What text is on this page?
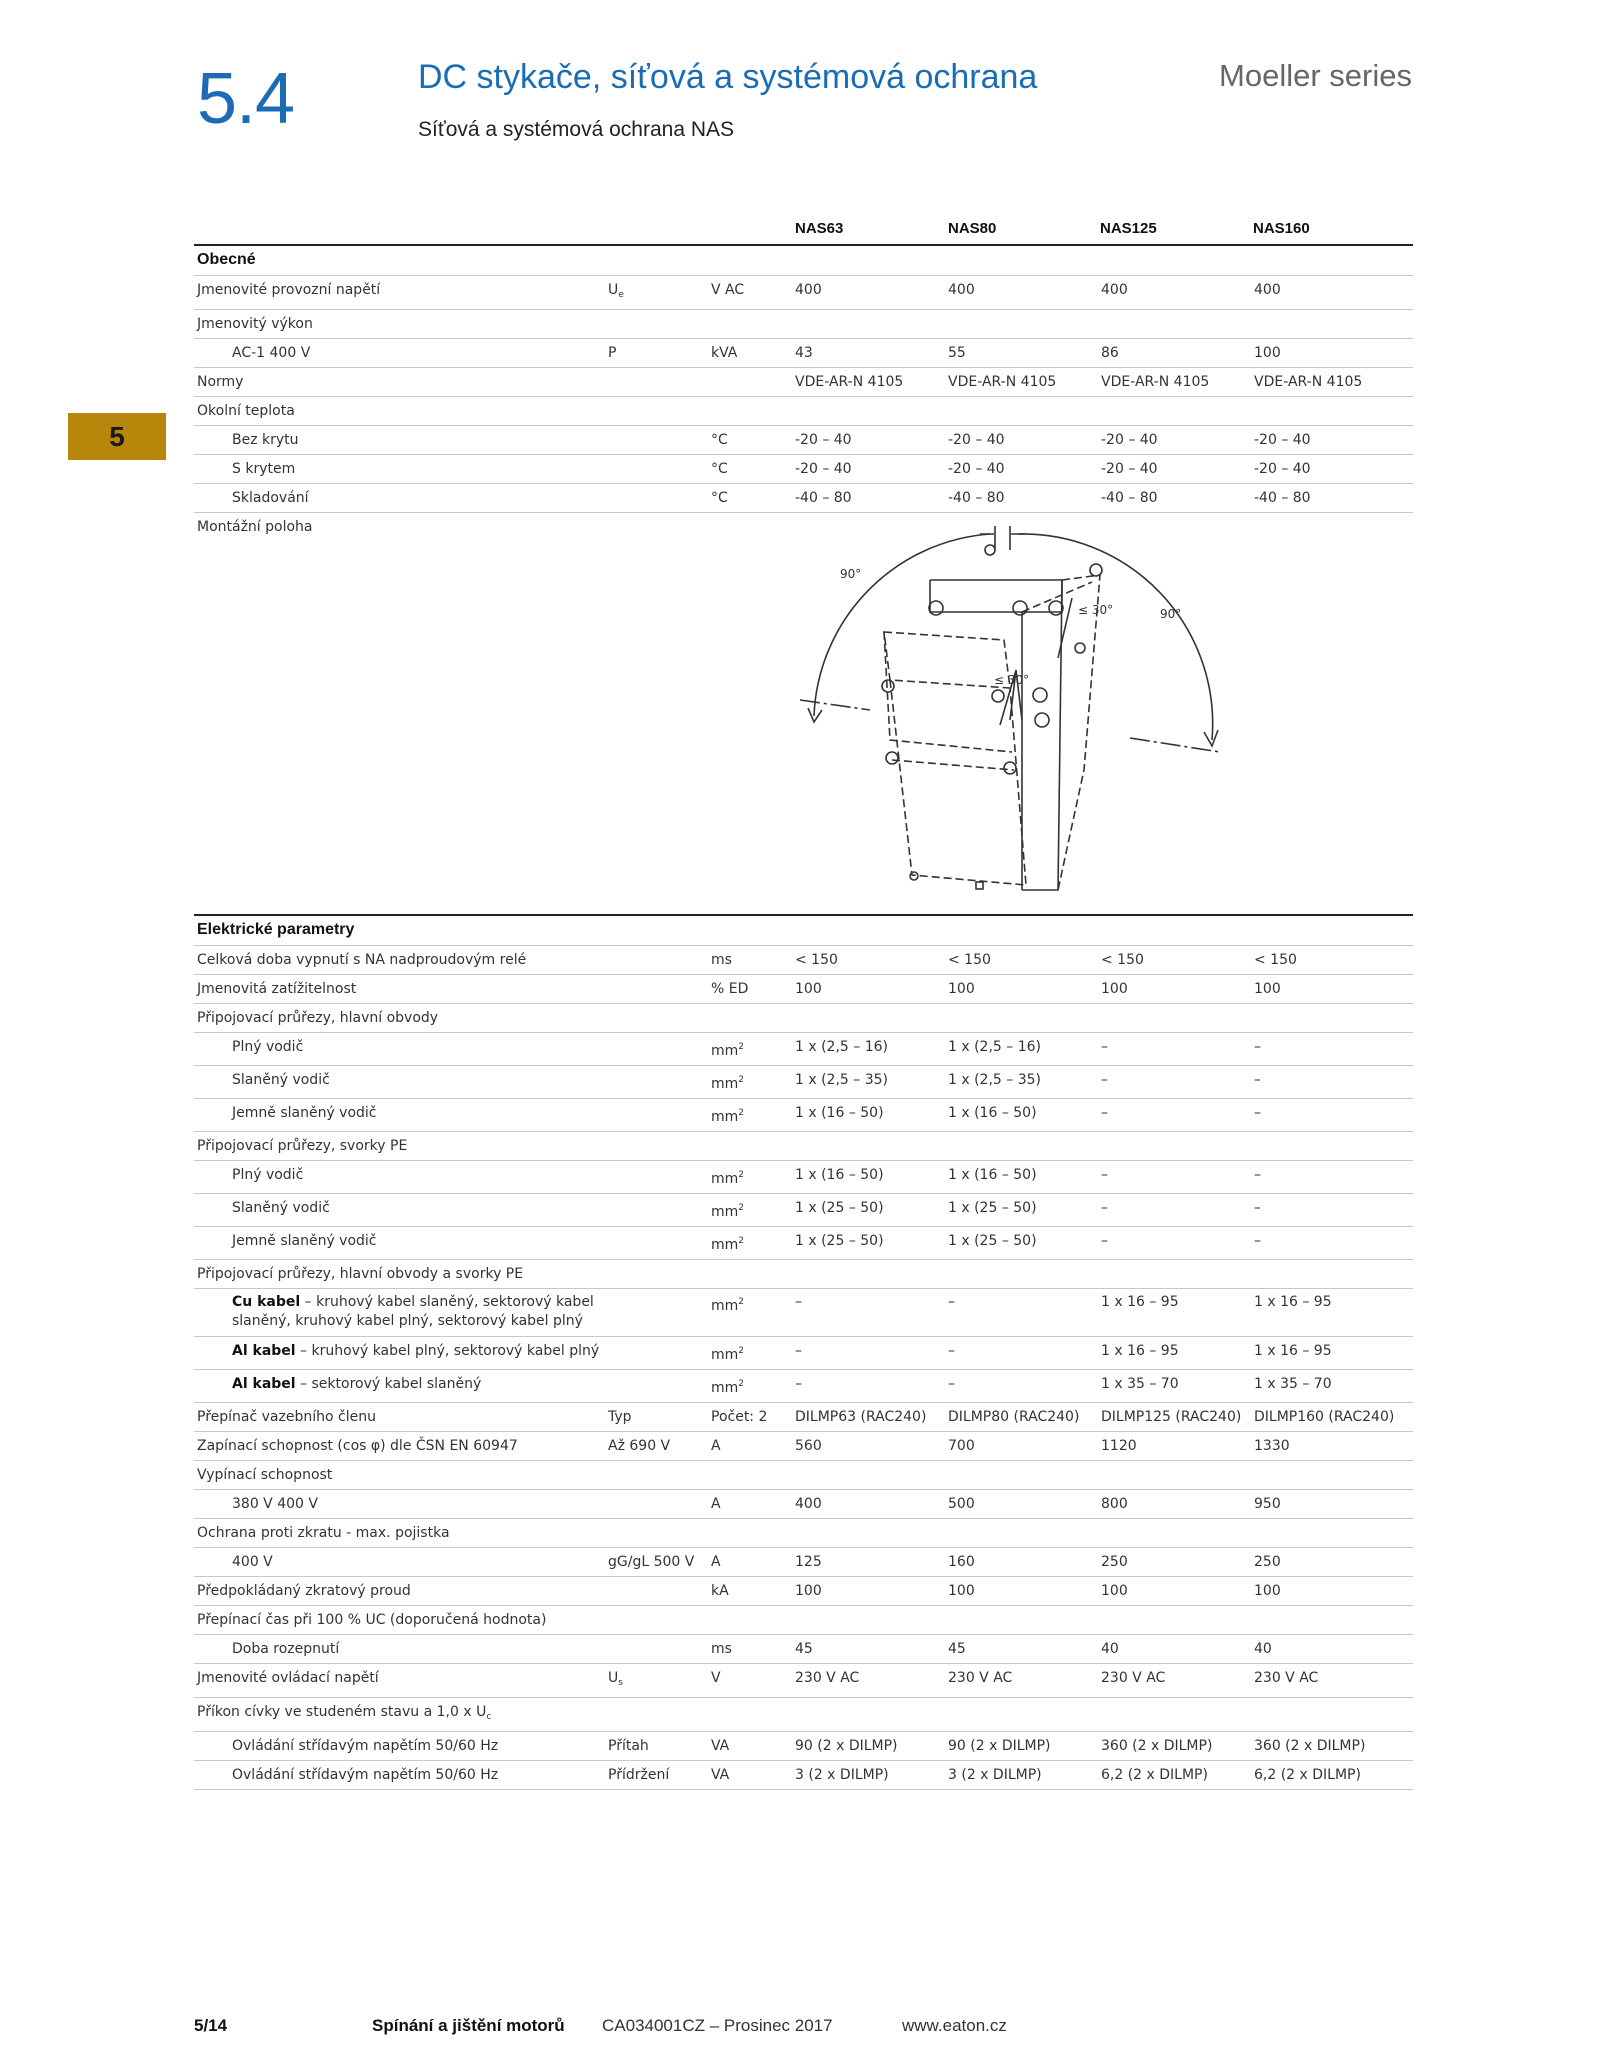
5.4	DC stykače, síťová a systémová ochrana
Síťová a systémová ochrana NAS
Moeller series
5
NAS63	NAS80	NAS125	NAS160
Obecné						
Jmenovité provozní napětí	$U_e$	V AC	400	400	400	400
Jmenovitý výkon						
AC-1 400 V	P	kVA	43	55	86	100
Normy			VDE-AR-N 4105	VDE-AR-N 4105	VDE-AR-N 4105	VDE-AR-N 4105
Okolní teplota						
Bez krytu		°C	-20 – 40	-20 – 40	-20 – 40	-20 – 40
S krytem		°C	-20 – 40	-20 – 40	-20 – 40	-20 – 40
Skladování		°C	-40 – 80	-40 – 80	-40 – 80	-40 – 80
Montážní poloha						
90°
90°
≤ 30°
≤ 30°
Elektrické parametry						
Celková doba vypnutí s NA nadproudovým relé		ms	< 150	< 150	< 150	< 150
Jmenovitá zatížitelnost		% ED	100	100	100	100
Připojovací průřezy, hlavní obvody						
Plný vodič		$mm^2$	1 x (2,5 – 16)	1 x (2,5 – 16)	–	–
Slaněný vodič		$mm^2$	1 x (2,5 – 35)	1 x (2,5 – 35)	–	–
Jemně slaněný vodič		$mm^2$	1 x (16 – 50)	1 x (16 – 50)	–	–
Připojovací průřezy, svorky PE						
Plný vodič		$mm^2$	1 x (16 – 50)	1 x (16 – 50)	–	–
Slaněný vodič		$mm^2$	1 x (25 – 50)	1 x (25 – 50)	–	–
Jemně slaněný vodič		$mm^2$	1 x (25 – 50)	1 x (25 – 50)	–	–
Připojovací průřezy, hlavní obvody a svorky PE						
Cu kabel – kruhový kabel slaněný, sektorový kabel
slaněný, kruhový kabel plný, sektorový kabel plný		$mm^2$	–	–	1 x 16 – 95	1 x 16 – 95
Al kabel – kruhový kabel plný, sektorový kabel plný		$mm^2$	–	–	1 x 16 – 95	1 x 16 – 95
Al kabel – sektorový kabel slaněný		$mm^2$	–	–	1 x 35 – 70	1 x 35 – 70
Přepínač vazebního členu	Typ	Počet: 2	DILMP63 (RAC240)	DILMP80 (RAC240)	DILMP125 (RAC240)	DILMP160 (RAC240)
Zapínací schopnost (cos φ) dle ČSN EN 60947	Až 690 V	A	560	700	1120	1330
Vypínací schopnost						
380 V 400 V		A	400	500	800	950
Ochrana proti zkratu - max. pojistka						
400 V	gG/gL 500 V	A	125	160	250	250
Předpokládaný zkratový proud		kA	100	100	100	100
Přepínací čas při 100 % UC (doporučená hodnota)						
Doba rozepnutí		ms	45	45	40	40
Jmenovité ovládací napětí	$U_s$	V	230 V AC	230 V AC	230 V AC	230 V AC
Příkon cívky ve studeném stavu a 1,0 x $U_c$
Ovládání střídavým napětím 50/60 Hz	Přítah	VA	90 (2 x DILMP)	90 (2 x DILMP)	360 (2 x DILMP)	360 (2 x DILMP)
Ovládání střídavým napětím 50/60 Hz	Přídržení	VA	3 (2 x DILMP)	3 (2 x DILMP)	6,2 (2 x DILMP)	6,2 (2 x DILMP)
5/14	Spínání a jištění motorů CA034001CZ – Prosinec 2017	www.eaton.cz
